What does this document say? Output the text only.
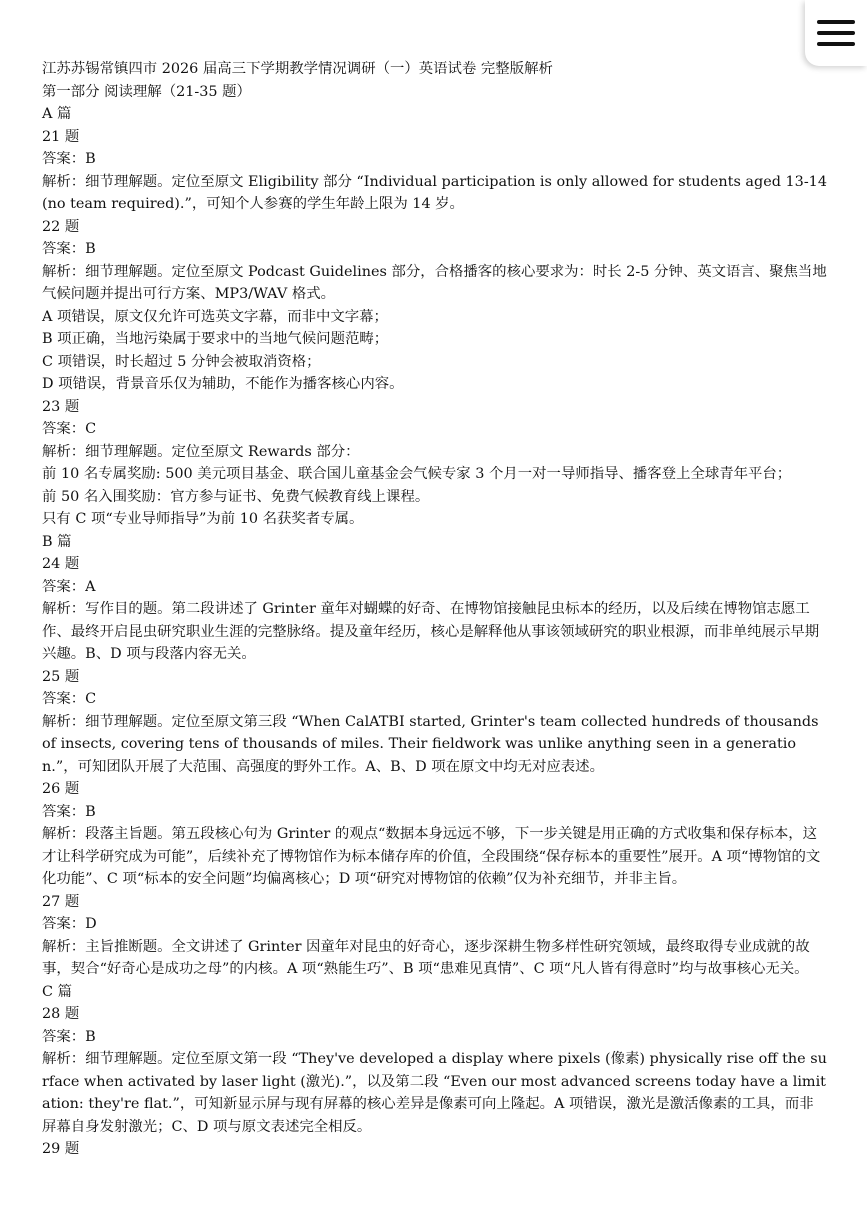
江苏苏锡常镇四市 2026 届高三下学期教学情况调研（一）英语试卷 完整版解析

第一部分 阅读理解（21-35 题）

A 篇

21 题

答案：B

解析：细节理解题。定位至原文 Eligibility 部分 “Individual participation is only allowed for students aged 13-14 (no team required).”，可知个人参赛的学生年龄上限为 14 岁。

22 题

答案：B

解析：细节理解题。定位至原文 Podcast Guidelines 部分，合格播客的核心要求为：时长 2-5 分钟、英文语言、聚焦当地气候问题并提出可行方案、MP3/WAV 格式。

A 项错误，原文仅允许可选英文字幕，而非中文字幕；

B 项正确，当地污染属于要求中的当地气候问题范畴；

C 项错误，时长超过 5 分钟会被取消资格；

D 项错误，背景音乐仅为辅助，不能作为播客核心内容。

23 题

答案：C

解析：细节理解题。定位至原文 Rewards 部分：

前 10 名专属奖励: 500 美元项目基金、联合国儿童基金会气候专家 3 个月一对一导师指导、播客登上全球青年平台；

前 50 名入围奖励：官方参与证书、免费气候教育线上课程。

只有 C 项“专业导师指导”为前 10 名获奖者专属。

B 篇

24 题

答案：A

解析：写作目的题。第二段讲述了 Grinter 童年对蝴蝶的好奇、在博物馆接触昆虫标本的经历，以及后续在博物馆志愿工作、最终开启昆虫研究职业生涯的完整脉络。提及童年经历，核心是解释他从事该领域研究的职业根源，而非单纯展示早期兴趣。B、D 项与段落内容无关。

25 题

答案：C

解析：细节理解题。定位至原文第三段 “When CalATBI started, Grinter's team collected hundreds of thousands of insects, covering tens of thousands of miles. Their fieldwork was unlike anything seen in a generation.”，可知团队开展了大范围、高强度的野外工作。A、B、D 项在原文中均无对应表述。

26 题

答案：B

解析：段落主旨题。第五段核心句为 Grinter 的观点“数据本身远远不够，下一步关键是用正确的方式收集和保存标本，这才让科学研究成为可能”，后续补充了博物馆作为标本储存库的价值，全段围绕“保存标本的重要性”展开。A 项“博物馆的文化功能”、C 项“标本的安全问题”均偏离核心；D 项“研究对博物馆的依赖”仅为补充细节，并非主旨。

27 题

答案：D

解析：主旨推断题。全文讲述了 Grinter 因童年对昆虫的好奇心，逐步深耕生物多样性研究领域，最终取得专业成就的故事，契合“好奇心是成功之母”的内核。A 项“熟能生巧”、B 项“患难见真情”、C 项“凡人皆有得意时”均与故事核心无关。

C 篇

28 题

答案：B

解析：细节理解题。定位至原文第一段 “They've developed a display where pixels (像素) physically rise off the surface when activated by laser light (激光).”，以及第二段 “Even our most advanced screens today have a limitation: they're flat.”，可知新显示屏与现有屏幕的核心差异是像素可向上隆起。A 项错误，激光是激活像素的工具，而非屏幕自身发射激光；C、D 项与原文表述完全相反。

29 题
